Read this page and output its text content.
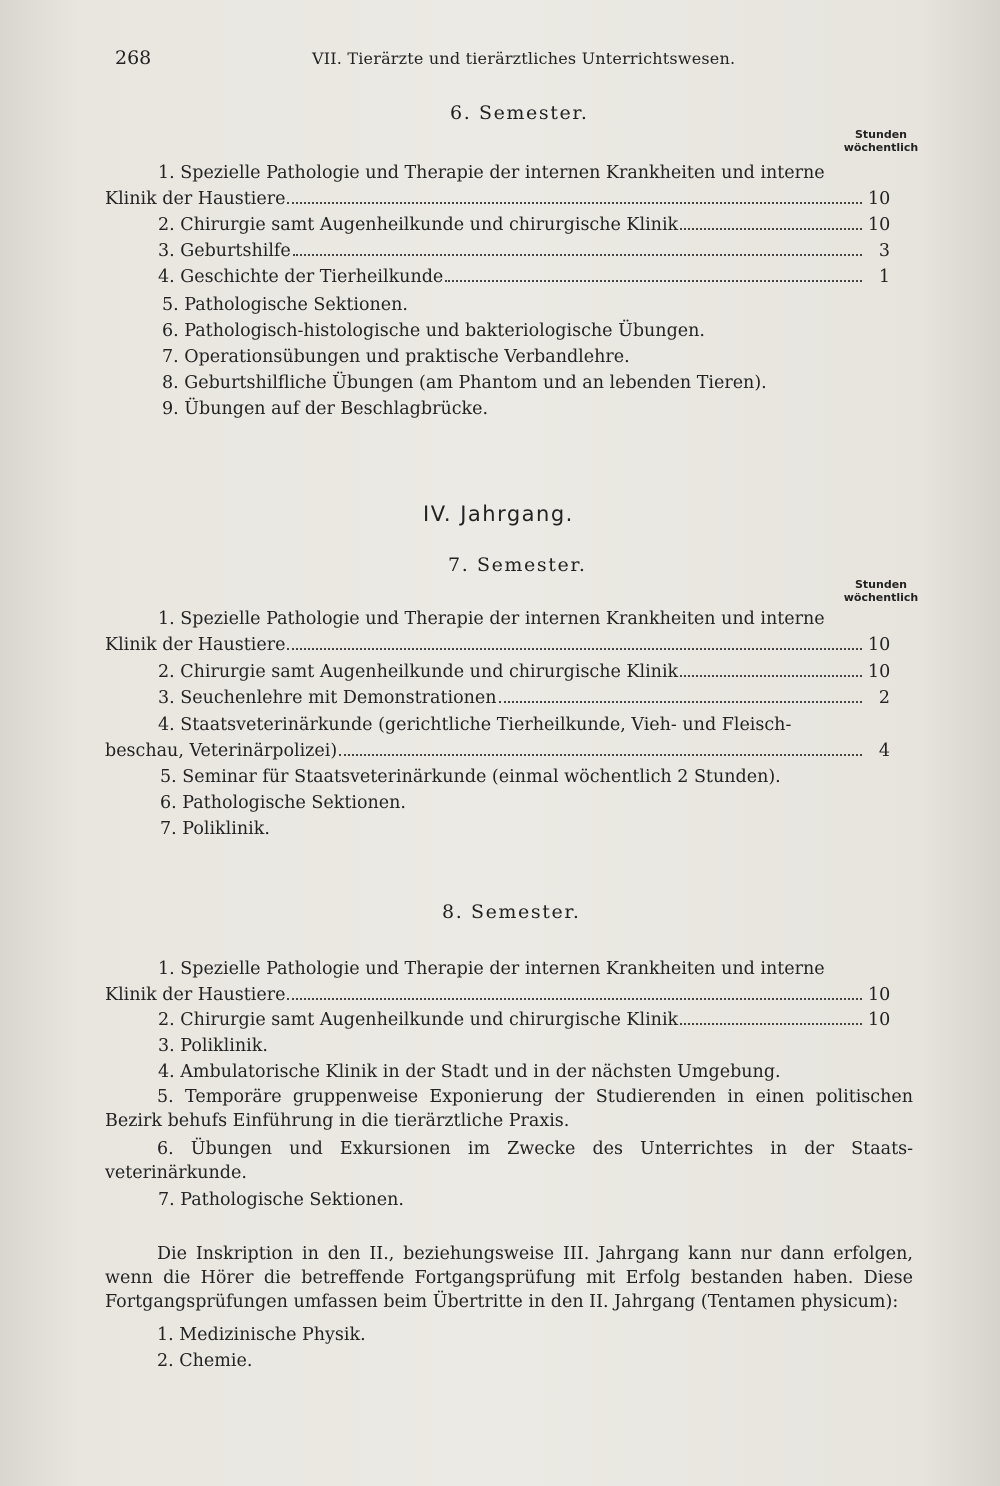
268	VII. Tierärzte und tierärztliches Unterrichtswesen.
6. Semester.
Stunden
wöchentlich
1. Spezielle Pathologie und Therapie der internen Krankheiten und interne
Klinik der Haustiere	10
2. Chirurgie samt Augenheilkunde und chirurgische Klinik	10
3. Geburtshilfe	3
4. Geschichte der Tierheilkunde	1
5. Pathologische Sektionen.
6. Pathologisch-histologische und bakteriologische Übungen.
7. Operationsübungen und praktische Verbandlehre.
8. Geburtshilfliche Übungen (am Phantom und an lebenden Tieren).
9. Übungen auf der Beschlagbrücke.
IV. Jahrgang.
7. Semester.
Stunden
wöchentlich
1. Spezielle Pathologie und Therapie der internen Krankheiten und interne
Klinik der Haustiere	10
2. Chirurgie samt Augenheilkunde und chirurgische Klinik	10
3. Seuchenlehre mit Demonstrationen	2
4. Staatsveterinärkunde (gerichtliche Tierheilkunde, Vieh- und Fleisch-
beschau, Veterinärpolizei)	4
5. Seminar für Staatsveterinärkunde (einmal wöchentlich 2 Stunden).
6. Pathologische Sektionen.
7. Poliklinik.
8. Semester.
1. Spezielle Pathologie und Therapie der internen Krankheiten und interne
Klinik der Haustiere	10
2. Chirurgie samt Augenheilkunde und chirurgische Klinik	10
3. Poliklinik.
4. Ambulatorische Klinik in der Stadt und in der nächsten Umgebung.

5. Temporäre gruppenweise Exponierung der Studierenden in einen politischen Bezirk behufs Einführung in die tierärztliche Praxis.

6. Übungen und Exkursionen im Zwecke des Unterrichtes in der Staats-veterinärkunde.

7. Pathologische Sektionen.

Die Inskription in den II., beziehungsweise III. Jahrgang kann nur dann erfolgen, wenn die Hörer die betreffende Fortgangsprüfung mit Erfolg bestanden haben. Diese Fortgangsprüfungen umfassen beim Übertritte in den II. Jahrgang (Tentamen physicum):

1. Medizinische Physik.
2. Chemie.
